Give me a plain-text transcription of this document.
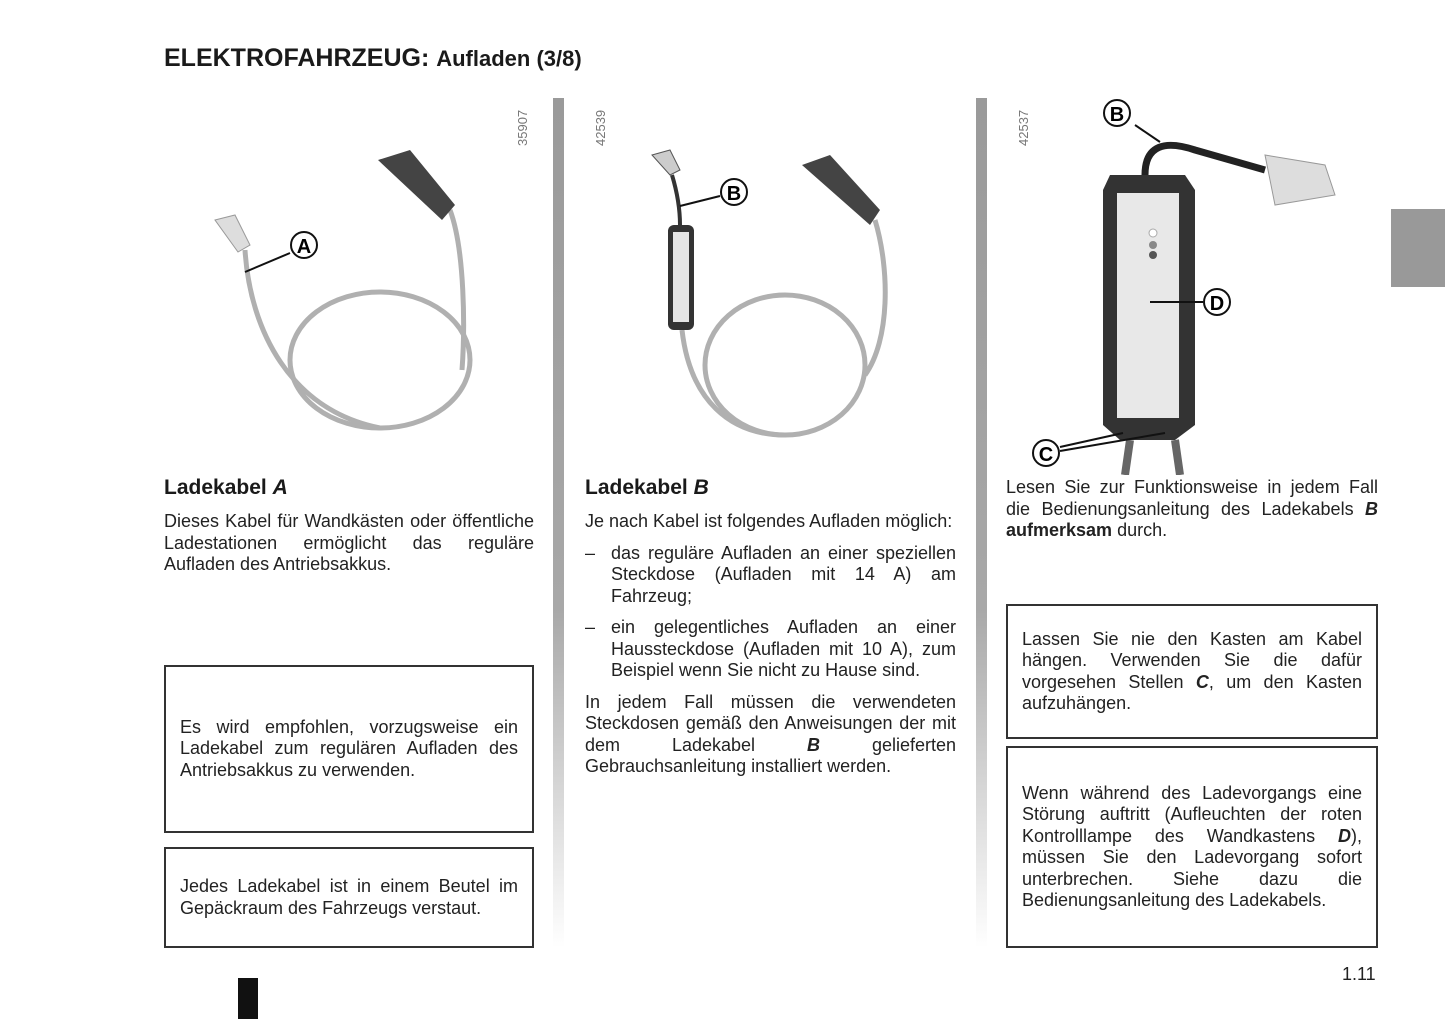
ELEKTROFAHRZEUG: Aufladen (3/8)
35907
A
42539
B
42537	B
D
C
Ladekabel A
Dieses Kabel für Wandkästen oder öffentliche Ladestationen ermöglicht das reguläre Aufladen des Antriebsakkus.
Es wird empfohlen, vorzugsweise ein Ladekabel zum regulären Aufladen des Antriebsakkus zu verwenden.
Jedes Ladekabel ist in einem Beutel im Gepäckraum des Fahrzeugs verstaut.
Ladekabel B
Je nach Kabel ist folgendes Aufladen möglich:
– das reguläre Aufladen an einer speziellen Steckdose (Aufladen mit 14 A) am Fahrzeug;
– ein gelegentliches Aufladen an einer Haussteckdose (Aufladen mit 10 A), zum Beispiel wenn Sie nicht zu Hause sind.
In jedem Fall müssen die verwendeten Steckdosen gemäß den Anweisungen der mit dem Ladekabel B gelieferten Gebrauchsanleitung installiert werden.
Lesen Sie zur Funktionsweise in jedem Fall die Bedienungsanleitung des Ladekabels B aufmerksam durch.
Lassen Sie nie den Kasten am Kabel hängen. Verwenden Sie die dafür vorgesehen Stellen C, um den Kasten aufzuhängen.
Wenn während des Ladevorgangs eine Störung auftritt (Aufleuchten der roten Kontrolllampe des Wandkastens D), müssen Sie den Ladevorgang sofort unterbrechen. Siehe dazu die Bedienungsanleitung des Ladekabels.
1.11
